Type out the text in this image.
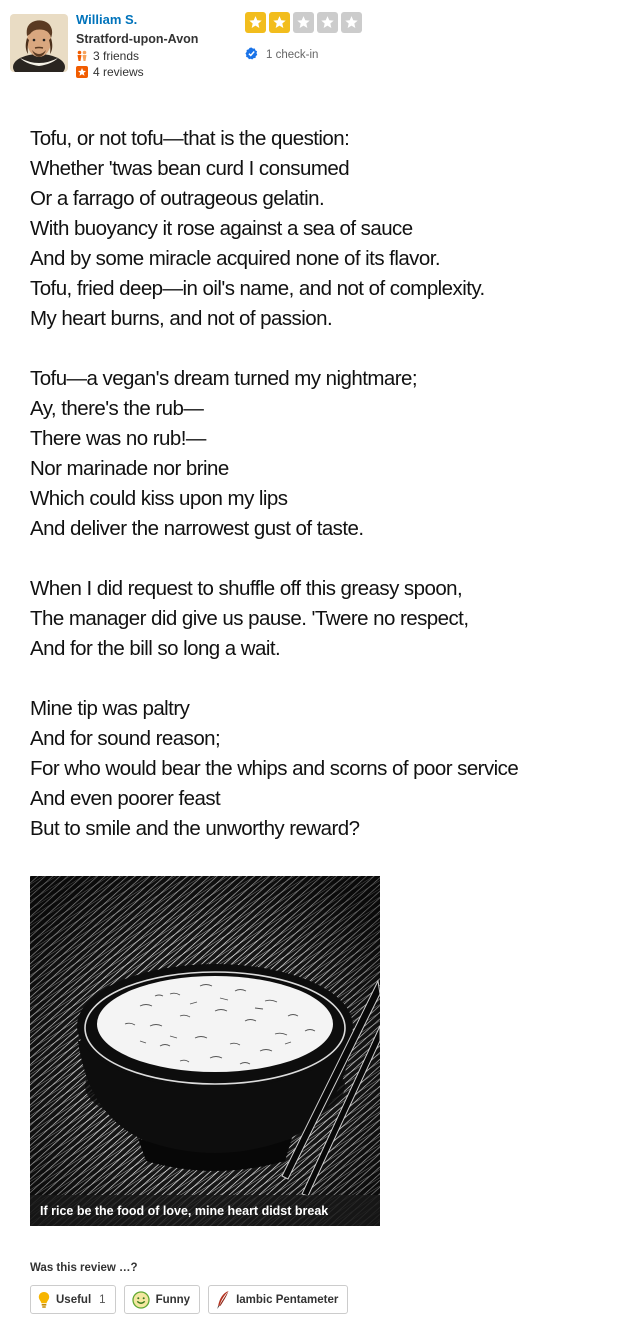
William S.
Stratford-upon-Avon
3 friends
4 reviews
1 check-in
Tofu, or not tofu—that is the question:
Whether 'twas bean curd I consumed
Or a farrago of outrageous gelatin.
With buoyancy it rose against a sea of sauce
And by some miracle acquired none of its flavor.
Tofu, fried deep—in oil's name, and not of complexity.
My heart burns, and not of passion.
Tofu—a vegan's dream turned my nightmare;
Ay, there's the rub—
There was no rub!—
Nor marinade nor brine
Which could kiss upon my lips
And deliver the narrowest gust of taste.
When I did request to shuffle off this greasy spoon,
The manager did give us pause. 'Twere no respect,
And for the bill so long a wait.
Mine tip was paltry
And for sound reason;
For who would bear the whips and scorns of poor service
And even poorer feast
But to smile and the unworthy reward?
If rice be the food of love, mine heart didst break
Was this review …?
Useful 1	Funny	Iambic Pentameter
